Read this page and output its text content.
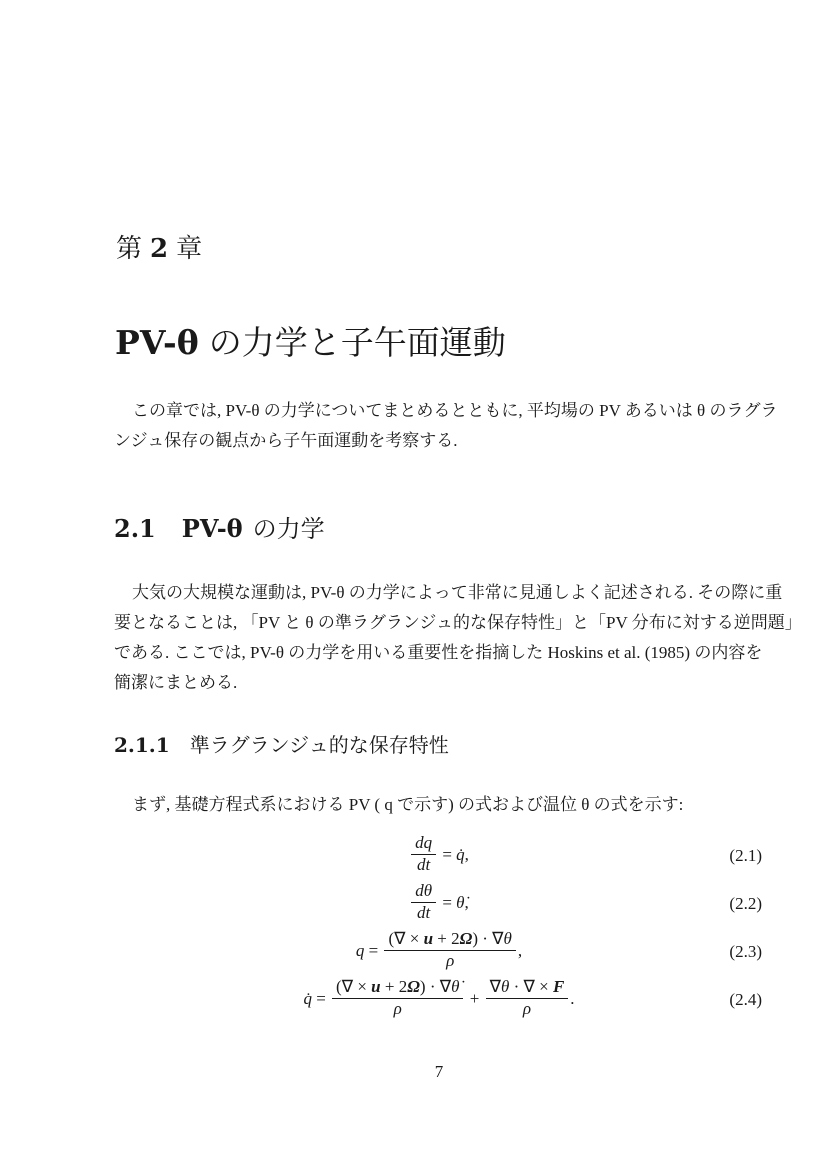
第 2 章
PV-θ の力学と子午面運動
この章では, PV-θ の力学についてまとめるとともに, 平均場の PV あるいは θ のラグラ
ンジュ保存の観点から子午面運動を考察する.
2.1 PV-θ の力学
大気の大規模な運動は, PV-θ の力学によって非常に見通しよく記述される. その際に重
要となることは, 「PV と θ の準ラグランジュ的な保存特性」と「PV 分布に対する逆問題」
である. ここでは, PV-θ の力学を用いる重要性を指摘した Hoskins et al. (1985) の内容を
簡潔にまとめる.
2.1.1 準ラグランジュ的な保存特性
まず, 基礎方程式系における PV ( q で示す) の式および温位 θ の式を示す:
$\frac{dq}{dt}$ = q̇,	(2.1)
$\frac{d\theta}{dt}$ = θ̇,	(2.2)
$q = \frac{(\nabla \times u + 2\Omega) \cdot \nabla\theta}{\rho}$ ,	(2.3)
q̇ = $\frac{(\nabla \times u + 2\Omega) \cdot \nabla\thetȧ}{\rho} + \frac{\nabla\theta \cdot \nabla \times F}{\rho}$ .	(2.4)
7
